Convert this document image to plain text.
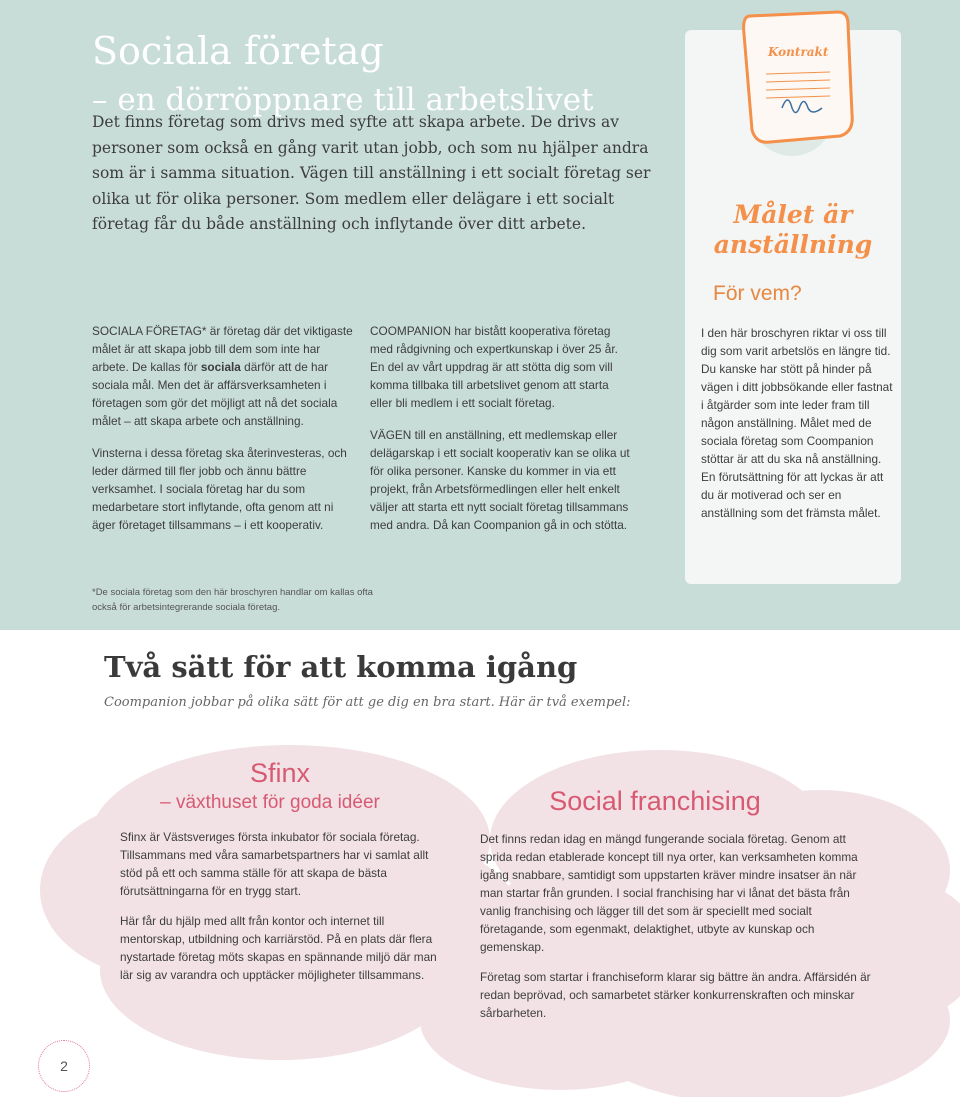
Sociala företag
– en dörröppnare till arbetslivet

Det finns företag som drivs med syfte att skapa arbete. De drivs av personer som också en gång varit utan jobb, och som nu hjälper andra som är i samma situation. Vägen till anställning i ett socialt företag ser olika ut för olika personer. Som medlem eller delägare i ett socialt företag får du både anställning och inflytande över ditt arbete.

SOCIALA FÖRETAG* är företag där det viktigaste målet är att skapa jobb till dem som inte har arbete. De kallas för sociala därför att de har sociala mål. Men det är affärsverksamheten i företagen som gör det möjligt att nå det sociala målet – att skapa arbete och anställning.

Vinsterna i dessa företag ska återinvesteras, och leder därmed till fler jobb och ännu bättre verksamhet. I sociala företag har du som medarbetare stort inflytande, ofta genom att ni äger företaget tillsammans – i ett kooperativ.

COOMPANION har bistått kooperativa företag med rådgivning och expertkunskap i över 25 år. En del av vårt uppdrag är att stötta dig som vill komma tillbaka till arbetslivet genom att starta eller bli medlem i ett socialt företag.

VÄGEN till en anställning, ett medlemskap eller delägarskap i ett socialt kooperativ kan se olika ut för olika personer. Kanske du kommer in via ett projekt, från Arbetsförmedlingen eller helt enkelt väljer att starta ett nytt socialt företag tillsammans med andra. Då kan Coompanion gå in och stötta.

*De sociala företag som den här broschyren handlar om kallas ofta också för arbetsintegrerande sociala företag.
Kontrakt
Målet är
anställning
För vem?
I den här broschyren riktar vi oss till dig som varit arbetslös en längre tid. Du kanske har stött på hinder på vägen i ditt jobbsökande eller fastnat i åtgärder som inte leder fram till någon anställning. Målet med de sociala företag som Coompanion stöttar är att du ska nå anställning. En förutsättning för att lyckas är att du är motiverad och ser en anställning som det främsta målet.
Två sätt för att komma igång
Coompanion jobbar på olika sätt för att ge dig en bra start. Här är två exempel:
Sfinx
– växthuset för goda idéer

Sfinx är Västsverиges första inkubator för sociala företag. Tillsammans med våra samarbetspartners har vi samlat allt stöd på ett och samma ställe för att skapa de bästa förutsättningarna för en trygg start.

Här får du hjälp med allt från kontor och internet till mentorskap, utbildning och karriärstöd. På en plats där flera nystartade företag möts skapas en spännande miljö där man lär sig av varandra och upptäcker möjligheter tillsammans.

Social franchising

Det finns redan idag en mängd fungerande sociala företag. Genom att sprida redan etablerade koncept till nya orter, kan verksamheten komma igång snabbare, samtidigt som uppstarten kräver mindre insatser än när man startar från grunden. I social franchising har vi lånat det bästa från vanlig franchising och lägger till det som är speciellt med socialt företagande, som egenmakt, delaktighet, utbyte av kunskap och gemenskap.

Företag som startar i franchiseform klarar sig bättre än andra. Affärsidén är redan beprövad, och samarbetet stärker konkurrenskraften och minskar sårbarheten.

2
